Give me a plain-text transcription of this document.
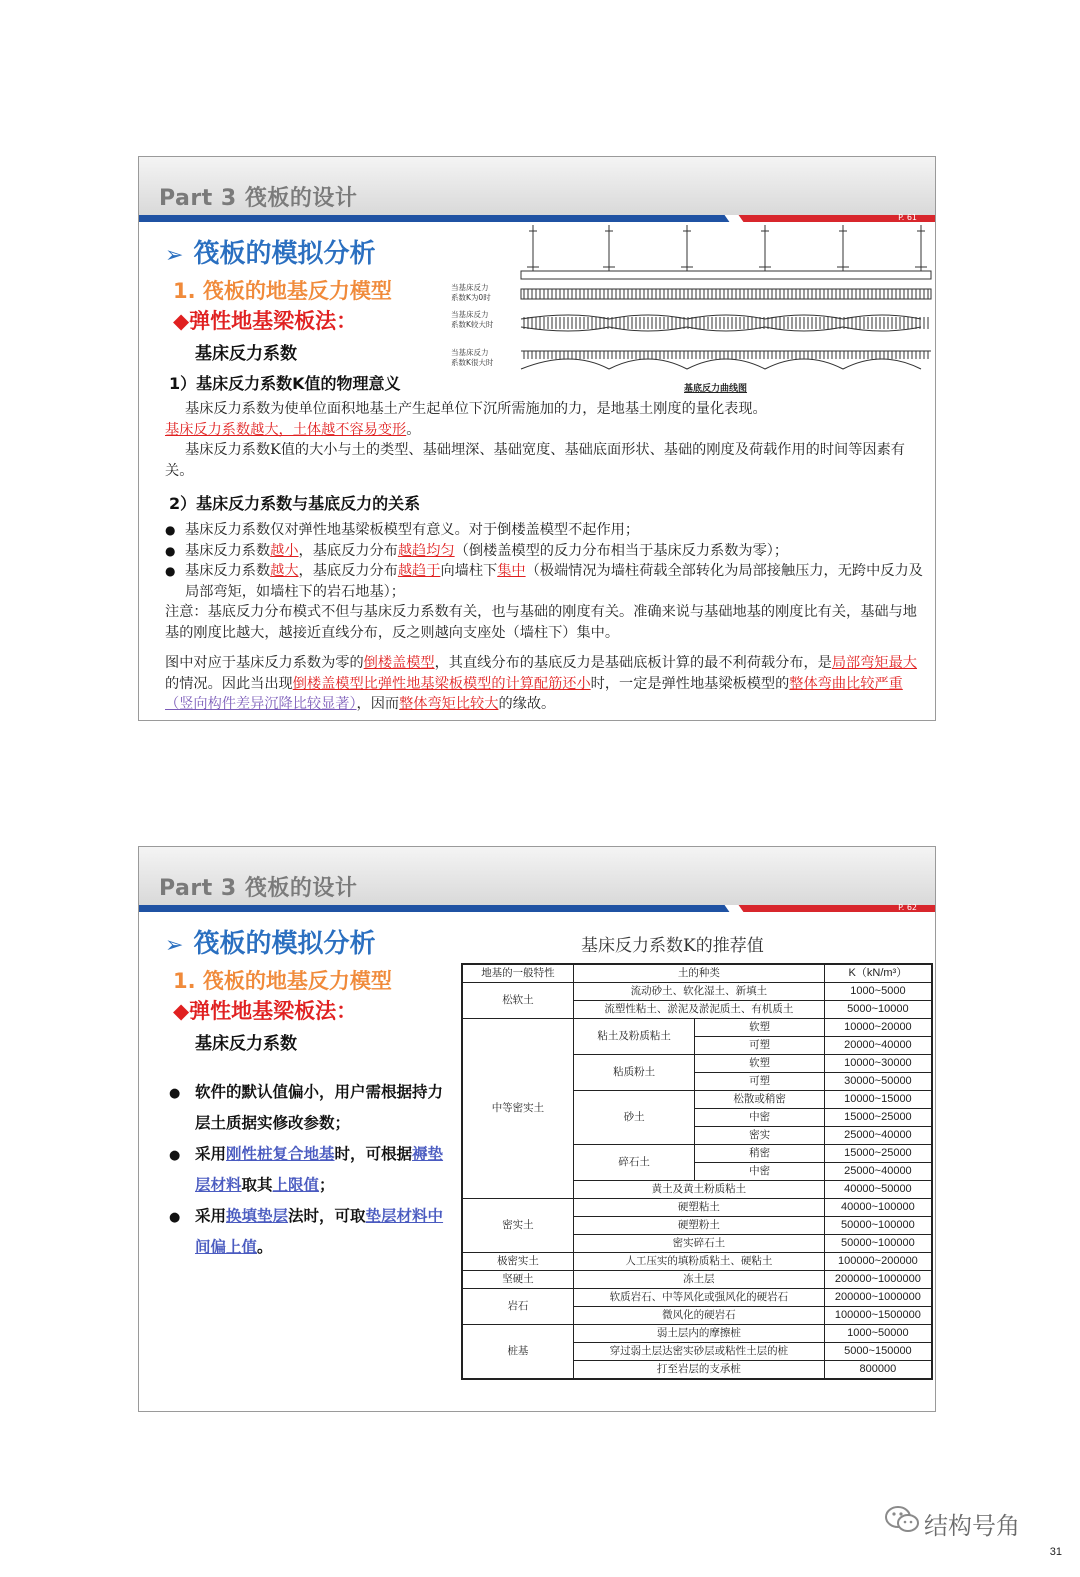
Part 3 筏板的设计
P. 61
➢ 筏板的模拟分析
1. 筏板的地基反力模型
◆弹性地基梁板法：
基床反力系数
当基床反力
系数K为0时
当基床反力
系数K较大时
当基床反力
系数K很大时
基底反力曲线图
1）基床反力系数K值的物理意义

基床反力系数为使单位面积地基土产生起单位下沉所需施加的力，是地基土刚度的量化表现。

基床反力系数越大，土体越不容易变形。

基床反力系数K值的大小与土的类型、基础埋深、基础宽度、基础底面形状、基础的刚度及荷载作用的时间等因素有关。

2）基床反力系数与基底反力的关系

● 基床反力系数仅对弹性地基梁板模型有意义。对于倒楼盖模型不起作用；

● 基床反力系数越小，基底反力分布越趋均匀（倒楼盖模型的反力分布相当于基床反力系数为零）；

● 基床反力系数越大，基底反力分布越趋于向墙柱下集中（极端情况为墙柱荷载全部转化为局部接触压力，无跨中反力及局部弯矩，如墙柱下的岩石地基）；

注意：基底反力分布模式不但与基床反力系数有关，也与基础的刚度有关。准确来说与基础地基的刚度比有关，基础与地基的刚度比越大，越接近直线分布，反之则越向支座处（墙柱下）集中。

图中对应于基床反力系数为零的倒楼盖模型，其直线分布的基底反力是基础底板计算的最不利荷载分布，是局部弯矩最大的情况。因此当出现倒楼盖模型比弹性地基梁板模型的计算配筋还小时，一定是弹性地基梁板模型的整体弯曲比较严重（竖向构件差异沉降比较显著），因而整体弯矩比较大的缘故。

Part 3 筏板的设计
P. 62
➢ 筏板的模拟分析
1. 筏板的地基反力模型
◆弹性地基梁板法：
基床反力系数
● 软件的默认值偏小，用户需根据持力层土质据实修改参数；
● 采用刚性桩复合地基时，可根据褥垫层材料取其上限值；
● 采用换填垫层法时，可取垫层材料中间偏上值。
基床反力系数K的推荐值
地基的一般特性	土的种类		K（kN/m³）
松软土	流动砂土、软化湿土、新填土		1000~5000
	流塑性粘土、淤泥及淤泥质土、有机质土		5000~10000
中等密实土	粘土及粉质粘土	软塑	10000~20000
		可塑	20000~40000
	粘质粉土	软塑	10000~30000
		可塑	30000~50000
	砂土	松散或稍密	10000~15000
		中密	15000~25000
		密实	25000~40000
	碎石土	稍密	15000~25000
		中密	25000~40000
	黄土及黄土粉质粘土		40000~50000
密实土	硬塑粘土		40000~100000
	硬塑粉土		50000~100000
	密实碎石土		50000~100000
极密实土	人工压实的填粉质粘土、硬粘土		100000~200000
坚硬土	冻土层		200000~1000000
岩石	软质岩石、中等风化或强风化的硬岩石		200000~1000000
	微风化的硬岩石		100000~1500000
桩基	弱土层内的摩擦桩		1000~50000
	穿过弱土层达密实砂层或粘性土层的桩		5000~150000
	打至岩层的支承桩		800000
结构号角
31
